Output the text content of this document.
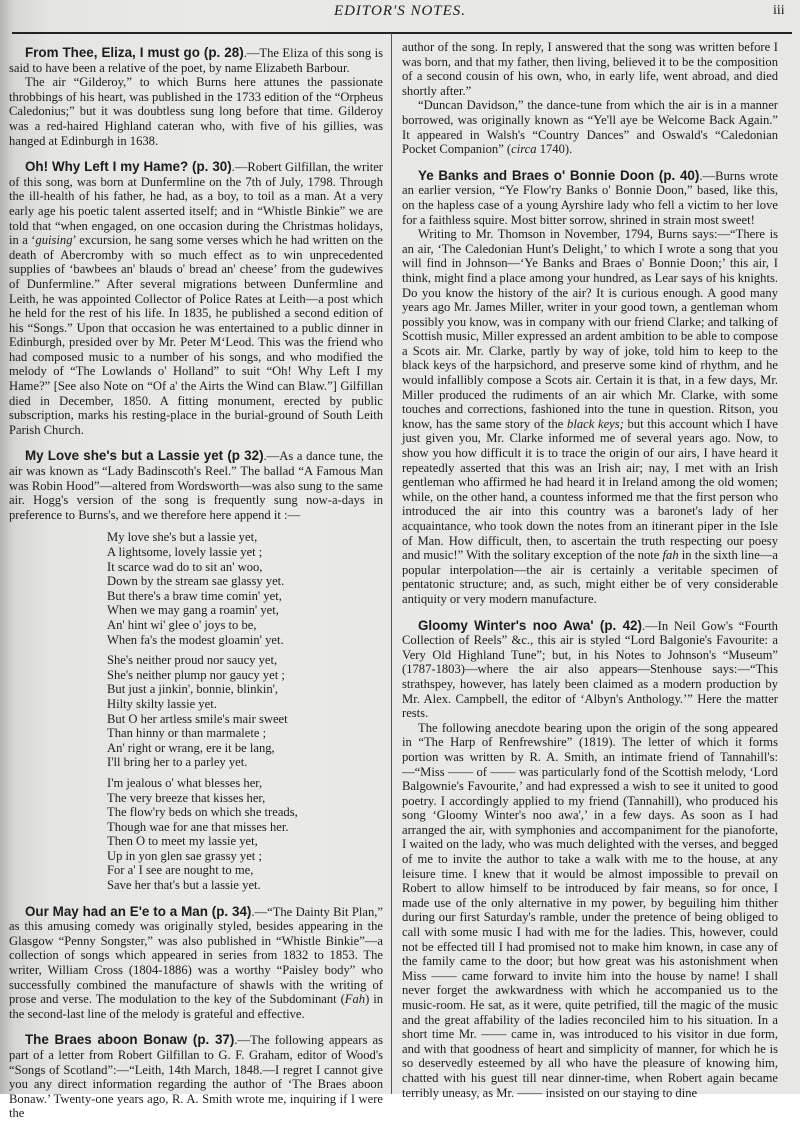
EDITOR'S NOTES.	iii

From Thee, Eliza, I must go (p. 28).—The Eliza of this song is said to have been a relative of the poet, by name Elizabeth Barbour.

The air “Gilderoy,” to which Burns here attunes the passionate throbbings of his heart, was published in the 1733 edition of the “Orpheus Caledonius;” but it was doubtless sung long before that time. Gilderoy was a red-haired Highland cateran who, with five of his gillies, was hanged at Edinburgh in 1638.

Oh! Why Left I my Hame? (p. 30).—Robert Gilfillan, the writer of this song, was born at Dunfermline on the 7th of July, 1798. Through the ill-health of his father, he had, as a boy, to toil as a man. At a very early age his poetic talent asserted itself; and in “Whistle Binkie” we are told that “when engaged, on one occasion during the Christmas holidays, in a ‘guising’ excursion, he sang some verses which he had written on the death of Abercromby with so much effect as to win unprecedented supplies of ‘bawbees an' blauds o' bread an' cheese’ from the gudewives of Dunfermline.” After several migrations between Dunfermline and Leith, he was appointed Collector of Police Rates at Leith—a post which he held for the rest of his life. In 1835, he published a second edition of his “Songs.” Upon that occasion he was entertained to a public dinner in Edinburgh, presided over by Mr. Peter M‘Leod. This was the friend who had composed music to a number of his songs, and who modified the melody of “The Lowlands o' Holland” to suit “Oh! Why Left I my Hame?” [See also Note on “Of a' the Airts the Wind can Blaw.”] Gilfillan died in December, 1850. A fitting monument, erected by public subscription, marks his resting-place in the burial-ground of South Leith Parish Church.

My Love she's but a Lassie yet (p 32).—As a dance tune, the air was known as “Lady Badinscoth's Reel.” The ballad “A Famous Man was Robin Hood”—altered from Wordsworth—was also sung to the same air. Hogg's version of the song is frequently sung now-a-days in preference to Burns's, and we therefore here append it :—

My love she's but a lassie yet,
A lightsome, lovely lassie yet ;
It scarce wad do to sit an' woo,
Down by the stream sae glassy yet.
But there's a braw time comin' yet,
When we may gang a roamin' yet,
An' hint wi' glee o' joys to be,
When fa's the modest gloamin' yet.
She's neither proud nor saucy yet,
She's neither plump nor gaucy yet ;
But just a jinkin', bonnie, blinkin',
Hilty skilty lassie yet.
But O her artless smile's mair sweet
Than hinny or than marmalete ;
An' right or wrang, ere it be lang,
I'll bring her to a parley yet.
I'm jealous o' what blesses her,
The very breeze that kisses her,
The flow'ry beds on which she treads,
Though wae for ane that misses her.
Then O to meet my lassie yet,
Up in yon glen sae grassy yet ;
For a' I see are nought to me,
Save her that's but a lassie yet.

Our May had an E'e to a Man (p. 34).—“The Dainty Bit Plan,” as this amusing comedy was originally styled, besides appearing in the Glasgow “Penny Songster,” was also published in “Whistle Binkie”—a collection of songs which appeared in series from 1832 to 1853. The writer, William Cross (1804-1886) was a worthy “Paisley body” who successfully combined the manufacture of shawls with the writing of prose and verse. The modulation to the key of the Subdominant (Fah) in the second-last line of the melody is grateful and effective.

The Braes aboon Bonaw (p. 37).—The following appears as part of a letter from Robert Gilfillan to G. F. Graham, editor of Wood's “Songs of Scotland”:—“Leith, 14th March, 1848.—I regret I cannot give you any direct information regarding the author of ‘The Braes aboon Bonaw.’ Twenty-one years ago, R. A. Smith wrote me, inquiring if I were the

author of the song. In reply, I answered that the song was written before I was born, and that my father, then living, believed it to be the composition of a second cousin of his own, who, in early life, went abroad, and died shortly after.”

“Duncan Davidson,” the dance-tune from which the air is in a manner borrowed, was originally known as “Ye'll aye be Welcome Back Again.” It appeared in Walsh's “Country Dances” and Oswald's “Caledonian Pocket Companion” (circa 1740).

Ye Banks and Braes o' Bonnie Doon (p. 40).—Burns wrote an earlier version, “Ye Flow'ry Banks o' Bonnie Doon,” based, like this, on the hapless case of a young Ayrshire lady who fell a victim to her love for a faithless squire. Most bitter sorrow, shrined in strain most sweet!

Writing to Mr. Thomson in November, 1794, Burns says:—“There is an air, ‘The Caledonian Hunt's Delight,’ to which I wrote a song that you will find in Johnson—‘Ye Banks and Braes o' Bonnie Doon;’ this air, I think, might find a place among your hundred, as Lear says of his knights. Do you know the history of the air? It is curious enough. A good many years ago Mr. James Miller, writer in your good town, a gentleman whom possibly you know, was in company with our friend Clarke; and talking of Scottish music, Miller expressed an ardent ambition to be able to compose a Scots air. Mr. Clarke, partly by way of joke, told him to keep to the black keys of the harpsichord, and preserve some kind of rhythm, and he would infallibly compose a Scots air. Certain it is that, in a few days, Mr. Miller produced the rudiments of an air which Mr. Clarke, with some touches and corrections, fashioned into the tune in question. Ritson, you know, has the same story of the black keys; but this account which I have just given you, Mr. Clarke informed me of several years ago. Now, to show you how difficult it is to trace the origin of our airs, I have heard it repeatedly asserted that this was an Irish air; nay, I met with an Irish gentleman who affirmed he had heard it in Ireland among the old women; while, on the other hand, a countess informed me that the first person who introduced the air into this country was a baronet's lady of her acquaintance, who took down the notes from an itinerant piper in the Isle of Man. How difficult, then, to ascertain the truth respecting our poesy and music!” With the solitary exception of the note fah in the sixth line—a popular interpolation—the air is certainly a veritable specimen of pentatonic structure; and, as such, might either be of very considerable antiquity or very modern manufacture.

Gloomy Winter's noo Awa' (p. 42).—In Neil Gow's “Fourth Collection of Reels” &c., this air is styled “Lord Balgonie's Favourite: a Very Old Highland Tune”; but, in his Notes to Johnson's “Museum” (1787-1803)—where the air also appears—Stenhouse says:—“This strathspey, however, has lately been claimed as a modern production by Mr. Alex. Campbell, the editor of ‘Albyn's Anthology.’” Here the matter rests.

The following anecdote bearing upon the origin of the song appeared in “The Harp of Renfrewshire” (1819). The letter of which it forms portion was written by R. A. Smith, an intimate friend of Tannahill's:—“Miss —— of —— was particularly fond of the Scottish melody, ‘Lord Balgownie's Favourite,’ and had expressed a wish to see it united to good poetry. I accordingly applied to my friend (Tannahill), who produced his song ‘Gloomy Winter's noo awa',’ in a few days. As soon as I had arranged the air, with symphonies and accompaniment for the pianoforte, I waited on the lady, who was much delighted with the verses, and begged of me to invite the author to take a walk with me to the house, at any leisure time. I knew that it would be almost impossible to prevail on Robert to allow himself to be introduced by fair means, so for once, I made use of the only alternative in my power, by beguiling him thither during our first Saturday's ramble, under the pretence of being obliged to call with some music I had with me for the ladies. This, however, could not be effected till I had promised not to make him known, in case any of the family came to the door; but how great was his astonishment when Miss —— came forward to invite him into the house by name! I shall never forget the awkwardness with which he accompanied us to the music-room. He sat, as it were, quite petrified, till the magic of the music and the great affability of the ladies reconciled him to his situation. In a short time Mr. —— came in, was introduced to his visitor in due form, and with that goodness of heart and simplicity of manner, for which he is so deservedly esteemed by all who have the pleasure of knowing him, chatted with his guest till near dinner-time, when Robert again became terribly uneasy, as Mr. —— insisted on our staying to dine
